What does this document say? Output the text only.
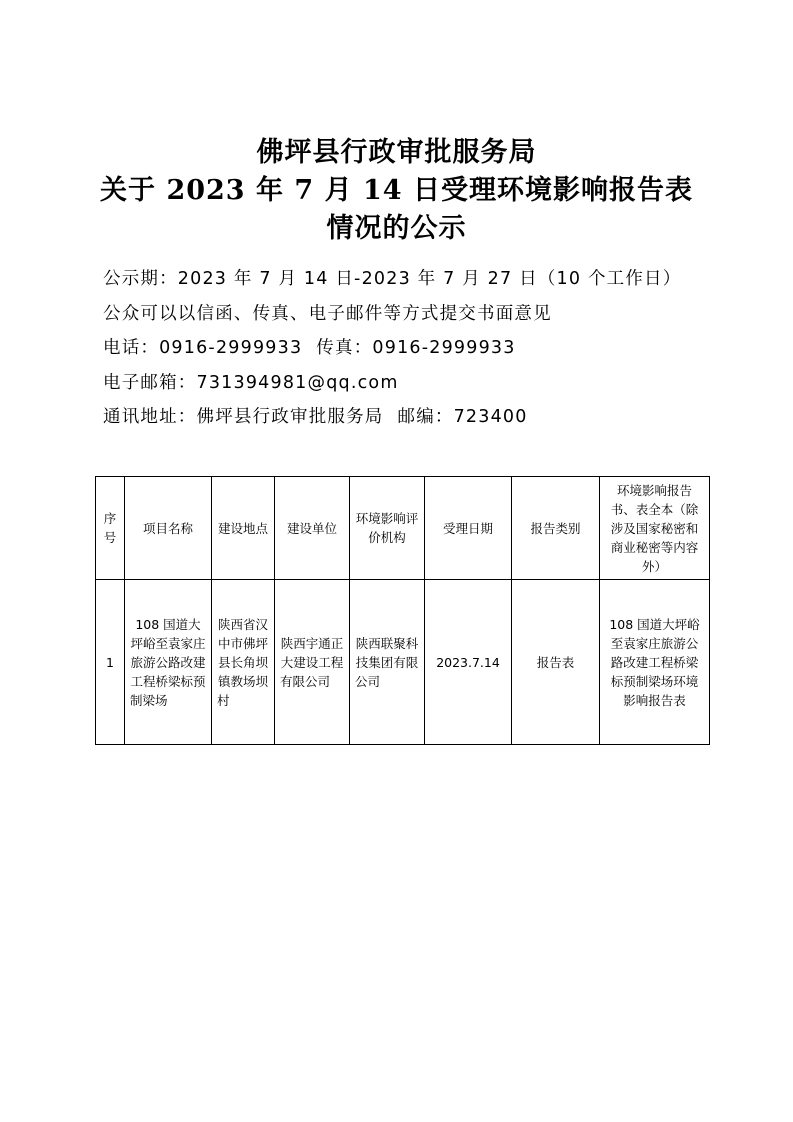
佛坪县行政审批服务局
关于 2023 年 7 月 14 日受理环境影响报告表
情况的公示
公示期：2023 年 7 月 14 日-2023 年 7 月 27 日（10 个工作日）
公众可以以信函、传真、电子邮件等方式提交书面意见
电话：0916-2999933 传真：0916-2999933
电子邮箱：731394981@qq.com
通讯地址：佛坪县行政审批服务局 邮编：723400
序号	项目名称	建设地点	建设单位	环境影响评价机构	受理日期	报告类别	环境影响报告书、表全本（除涉及国家秘密和商业秘密等内容外）
1	108 国道大坪峪至袁家庄旅游公路改建工程桥梁标预制梁场	陕西省汉中市佛坪县长角坝镇教场坝村	陕西宇通正大建设工程有限公司	陕西联聚科技集团有限公司	2023.7.14	报告表	108 国道大坪峪至袁家庄旅游公路改建工程桥梁标预制梁场环境影响报告表
